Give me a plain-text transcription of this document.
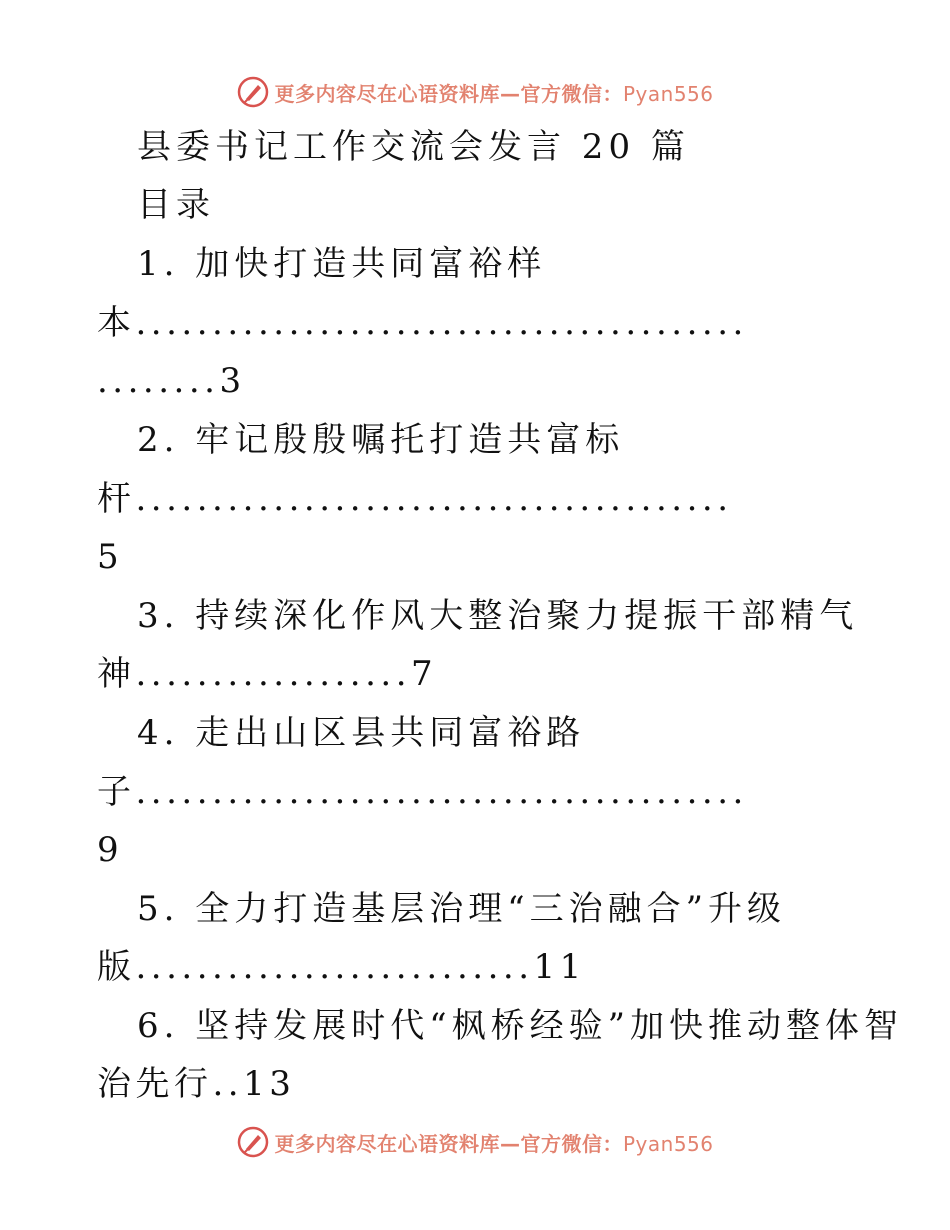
更多内容尽在心语资料库—官方微信：Pyan556
县委书记工作交流会发言 20 篇
目录
1. 加快打造共同富裕样
本........................................
........3
2. 牢记殷殷嘱托打造共富标
杆.......................................
5
3. 持续深化作风大整治聚力提振干部精气
神..................7
4. 走出山区县共同富裕路
子........................................
9
5. 全力打造基层治理“三治融合”升级
版..........................11
6. 坚持发展时代“枫桥经验”加快推动整体智
治先行..13
更多内容尽在心语资料库—官方微信：Pyan556
